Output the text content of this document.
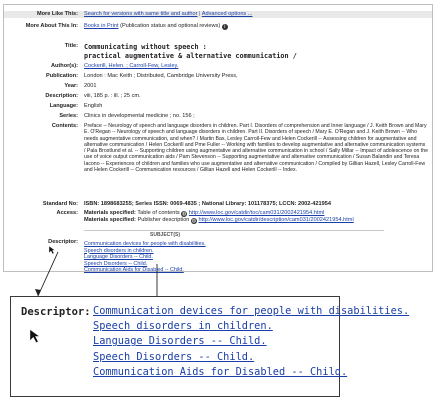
More Like This: Search for versions with same title and author | Advanced options ...
More About This In: Books in Print (Publication status and optional reviews) i
Title: Communicating without speech :
practical augmentative & alternative communication /
Author(s): Cockerill, Helen. ; Carroll-Few, Lesley.
Publication: London : Mac Keith ; Distributed, Cambridge University Press,
Year: 2001
Description: viii, 185 p. : ill. ; 25 cm.
Language: English
Series: Clinics in developmental medicine ; no. 156 ;
Contents: Preface -- Neurology of speech and language disorders in children. Part I. Disorders of comprehension and Inner language / J. Keith Brown and Mary E. O'Regan -- Neurology of speech and language disorders in children. Part II. Disorders of speech / Mary E. O'Regan and J. Keith Brown -- Who needs augmentative communication, and when? / Martin Bax, Lesley Carroll-Few and Helen Cockerill -- Assessing children for augmentative and alternative communication / Helen Cockerill and Pme Fuller -- Working with families to develop augmentative and alternative communication systems / Pala Brostlund et al. -- Supporting children using augmentative and alternative communication in school / Sally Millar -- Impact of adolescence on the use of voice output communication aids / Pam Stevenson -- Supporting augmentative and alternative communication / Susan Balandin and Teresa Iacono -- Experiences of children and families who use augmentative and alternative communication / Compiled by Gillian Hazell, Lesley Carroll-Few and Helen Cockerill -- Communication resources / Gillian Hazell and Helen Cockerill -- Index.
Standard No: ISBN: 1898683255; Series ISSN: 0069-4835 ; National Library: 101178375; LCCN: 2002-421954
Access: Materials specified: Table of contents ◍ http://www.loc.gov/catdir/toc/cam031/2002421954.html
Materials specified: Publisher description ◍ http://www.loc.gov/catdir/description/cam031/2002421954.html
SUBJECT(S)
Descriptor: Communication devices for people with disabilities.
Speech disorders in children.
Language Disorders -- Child.
Speech Disorders -- Child.
Communication Aids for Disabled -- Child.
Descriptor: Communication devices for people with disabilities.
Speech disorders in children.
Language Disorders -- Child.
Speech Disorders -- Child.
Communication Aids for Disabled -- Child.
